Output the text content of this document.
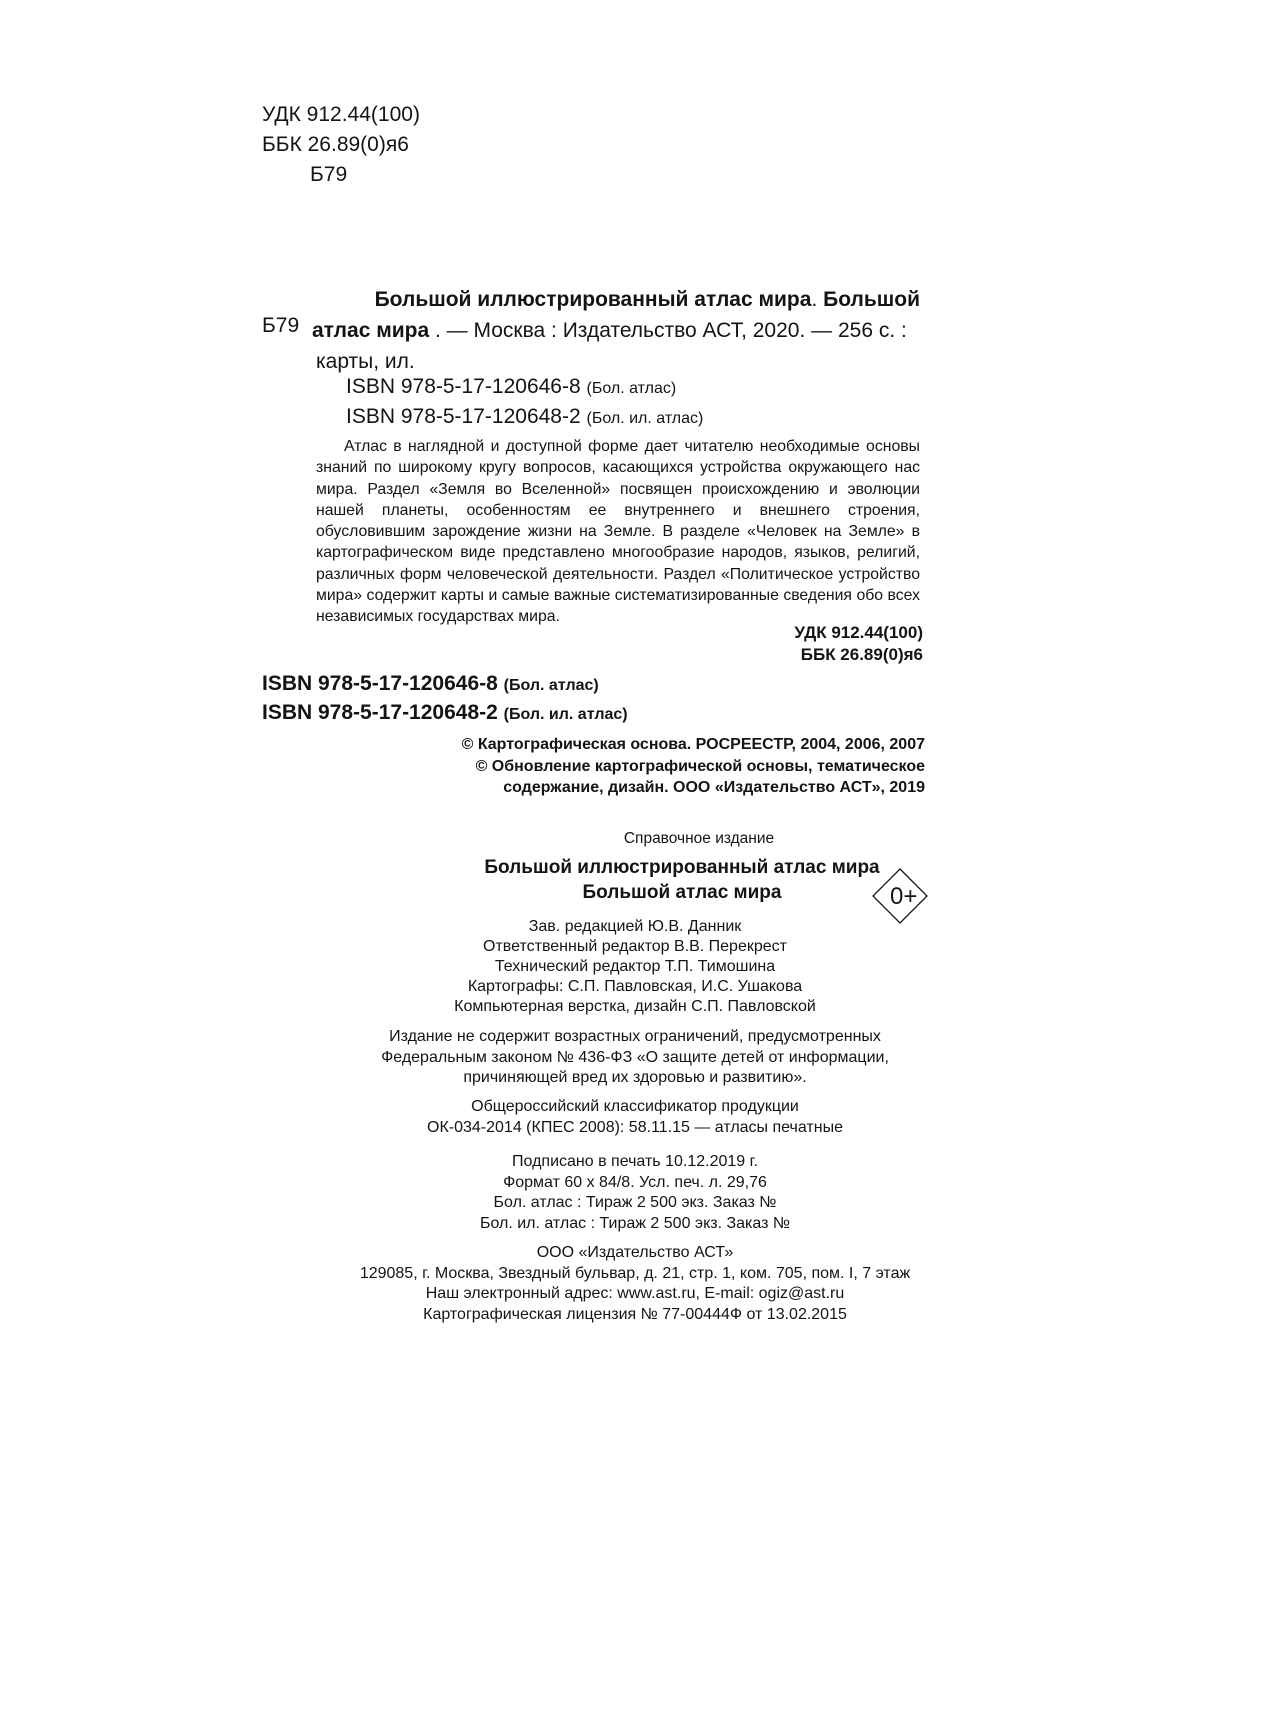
УДК 912.44(100)
ББК 26.89(0)я6
Б79
Б79
Большой иллюстрированный атлас мира. Большой
атлас мира . — Москва : Издательство АСТ, 2020. — 256 с. :
карты, ил.
ISBN 978-5-17-120646-8 (Бол. атлас)
ISBN 978-5-17-120648-2 (Бол. ил. атлас)
Атлас в наглядной и доступной форме дает читателю необходимые основы знаний по широкому кругу вопросов, касающихся устройства окружающего нас мира. Раздел «Земля во Вселенной» посвящен происхождению и эволюции нашей планеты, особенностям ее внутреннего и внешнего строения, обусловившим зарождение жизни на Земле. В разделе «Человек на Земле» в картографическом виде представлено многообразие народов, языков, религий, различных форм человеческой деятельности. Раздел «Политическое устройство мира» содержит карты и самые важные систематизированные сведения обо всех независимых государствах мира.
УДК 912.44(100)
ББК 26.89(0)я6
ISBN 978-5-17-120646-8 (Бол. атлас)
ISBN 978-5-17-120648-2 (Бол. ил. атлас)
© Картографическая основа. РОСРЕЕСТР, 2004, 2006, 2007
© Обновление картографической основы, тематическое
содержание, дизайн. ООО «Издательство АСТ», 2019
Справочное издание
Большой иллюстрированный атлас мира
Большой атлас мира	0+
Зав. редакцией Ю.В. Данник
Ответственный редактор В.В. Перекрест
Технический редактор Т.П. Тимошина
Картографы: С.П. Павловская, И.С. Ушакова
Компьютерная верстка, дизайн С.П. Павловской
Издание не содержит возрастных ограничений, предусмотренных
Федеральным законом № 436-ФЗ «О защите детей от информации,
причиняющей вред их здоровью и развитию».
Общероссийский классификатор продукции
ОК-034-2014 (КПЕС 2008): 58.11.15 — атласы печатные
Подписано в печать 10.12.2019 г.
Формат 60 x 84/8. Усл. печ. л. 29,76
Бол. атлас : Тираж 2 500 экз. Заказ №
Бол. ил. атлас : Тираж 2 500 экз. Заказ №
ООО «Издательство АСТ»
129085, г. Москва, Звездный бульвар, д. 21, стр. 1, ком. 705, пом. I, 7 этаж
Наш электронный адрес: www.ast.ru, E-mail: ogiz@ast.ru
Картографическая лицензия № 77-00444Ф от 13.02.2015
